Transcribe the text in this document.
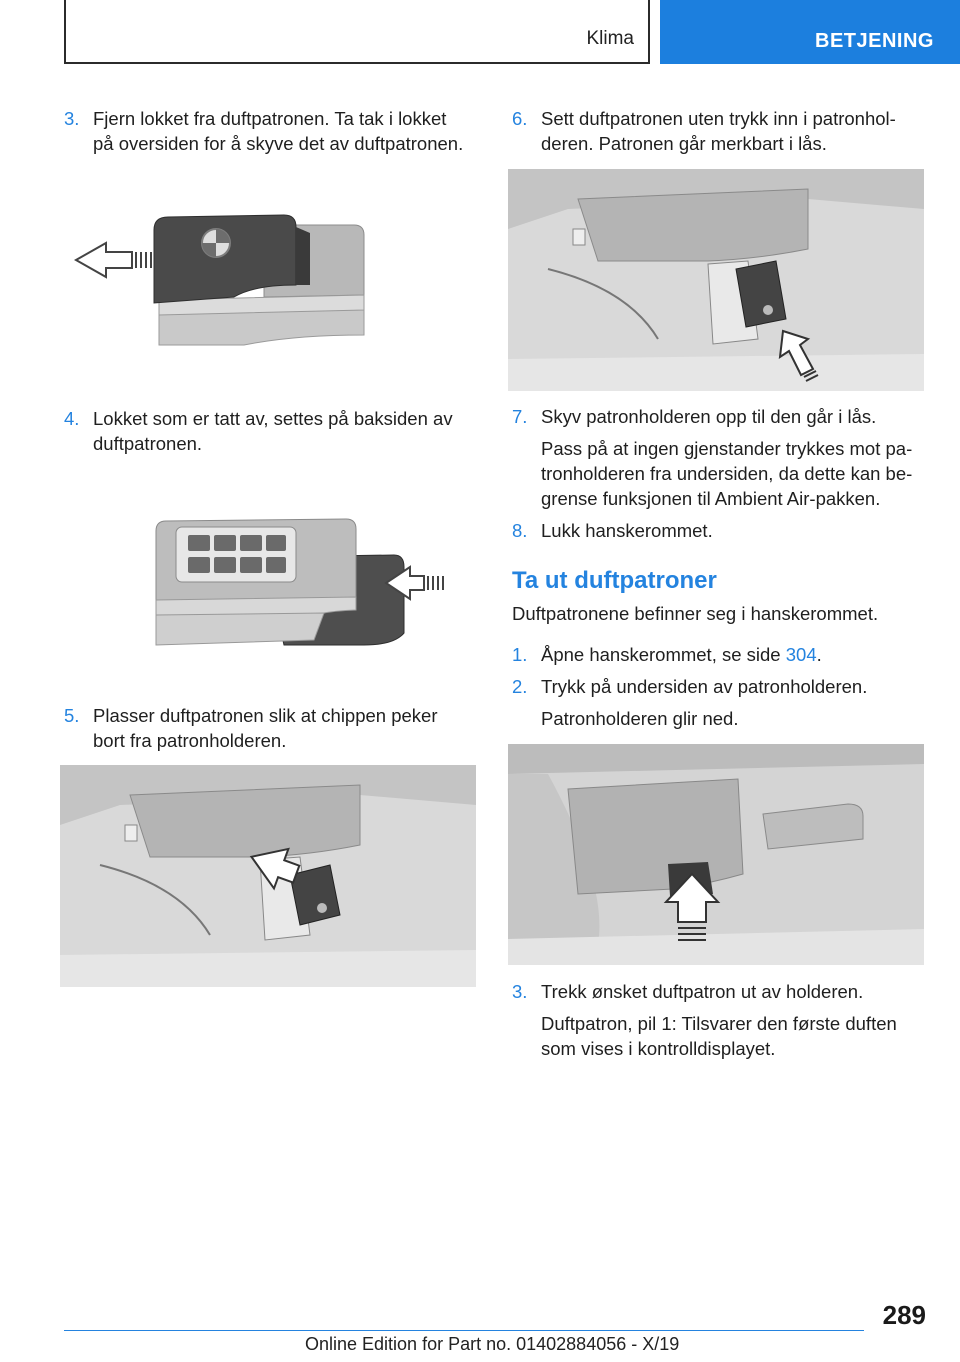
Klima	BETJENING
3. Fjern lokket fra duftpatronen. Ta tak i lokket
på oversiden for å skyve det av duftpatronen.
4. Lokket som er tatt av, settes på baksiden av
duftpatronen.
5. Plasser duftpatronen slik at chippen peker
bort fra patronholderen.
6. Sett duftpatronen uten trykk inn i patronhol‐
deren. Patronen går merkbart i lås.
7. Skyv patronholderen opp til den går i lås.
Pass på at ingen gjenstander trykkes mot pa‐
tronholderen fra undersiden, da dette kan be‐
grense funksjonen til Ambient Air-pakken.
8. Lukk hanskerommet.
Ta ut duftpatroner
Duftpatronene befinner seg i hanskerommet.
1. Åpne hanskerommet, se side 304.
2. Trykk på undersiden av patronholderen.
Patronholderen glir ned.
3. Trekk ønsket duftpatron ut av holderen.
Duftpatron, pil 1: Tilsvarer den første duften
som vises i kontrolldisplayet.
289
Online Edition for Part no. 01402884056 - X/19
